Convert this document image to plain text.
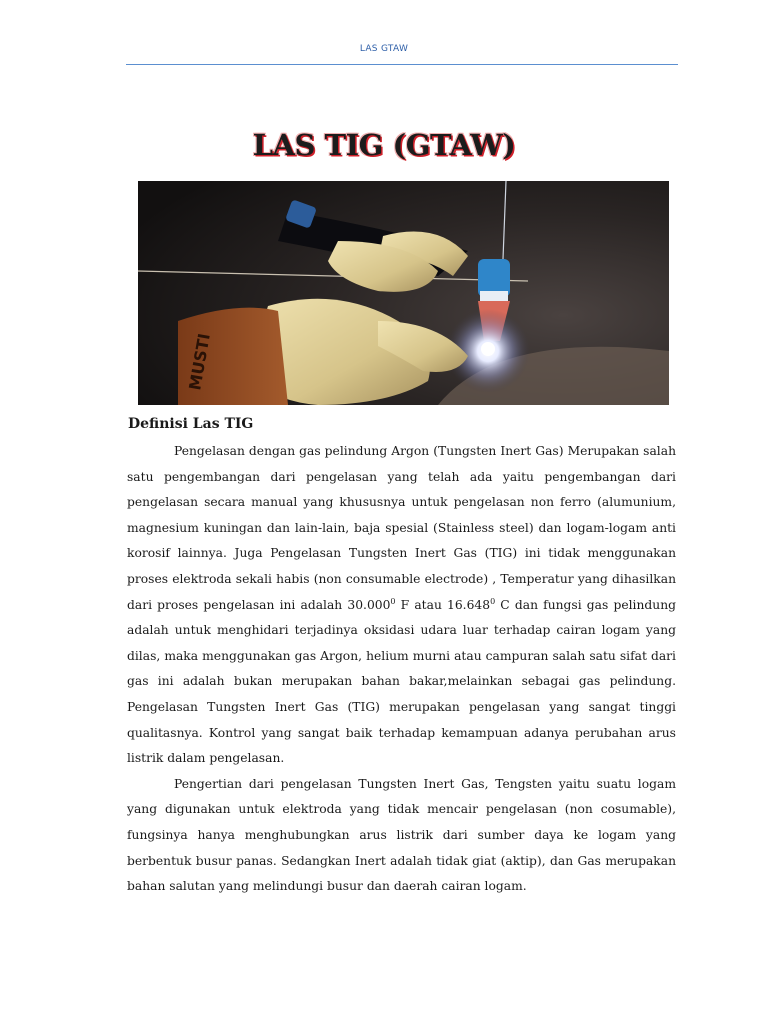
LAS GTAW
LAS TIG (GTAW)
MUSTI
Definisi Las TIG

Pengelasan dengan gas pelindung Argon (Tungsten Inert Gas) Merupakan salah satu pengembangan dari pengelasan yang telah ada yaitu pengembangan dari pengelasan secara manual yang khususnya untuk pengelasan non ferro (alumunium, magnesium kuningan dan lain-lain, baja spesial (Stainless steel) dan logam-logam anti korosif lainnya. Juga Pengelasan Tungsten Inert Gas (TIG) ini tidak menggunakan proses elektroda sekali habis (non consumable electrode) , Temperatur yang dihasilkan dari proses pengelasan ini adalah 30.000$^0$ F atau 16.648$^0$ C dan fungsi gas pelindung adalah untuk menghidari terjadinya oksidasi udara luar terhadap cairan logam yang dilas, maka menggunakan gas Argon, helium murni atau campuran salah satu sifat dari gas ini adalah bukan merupakan bahan bakar,melainkan sebagai gas pelindung. Pengelasan Tungsten Inert Gas (TIG) merupakan pengelasan yang sangat tinggi qualitasnya. Kontrol yang sangat baik terhadap kemampuan adanya perubahan arus listrik dalam pengelasan.

Pengertian dari pengelasan Tungsten Inert Gas, Tengsten yaitu suatu logam yang digunakan untuk elektroda yang tidak mencair pengelasan (non cosumable), fungsinya hanya menghubungkan arus listrik dari sumber daya ke logam yang berbentuk busur panas. Sedangkan Inert adalah tidak giat (aktip), dan Gas merupakan bahan salutan yang melindungi busur dan daerah cairan logam.
